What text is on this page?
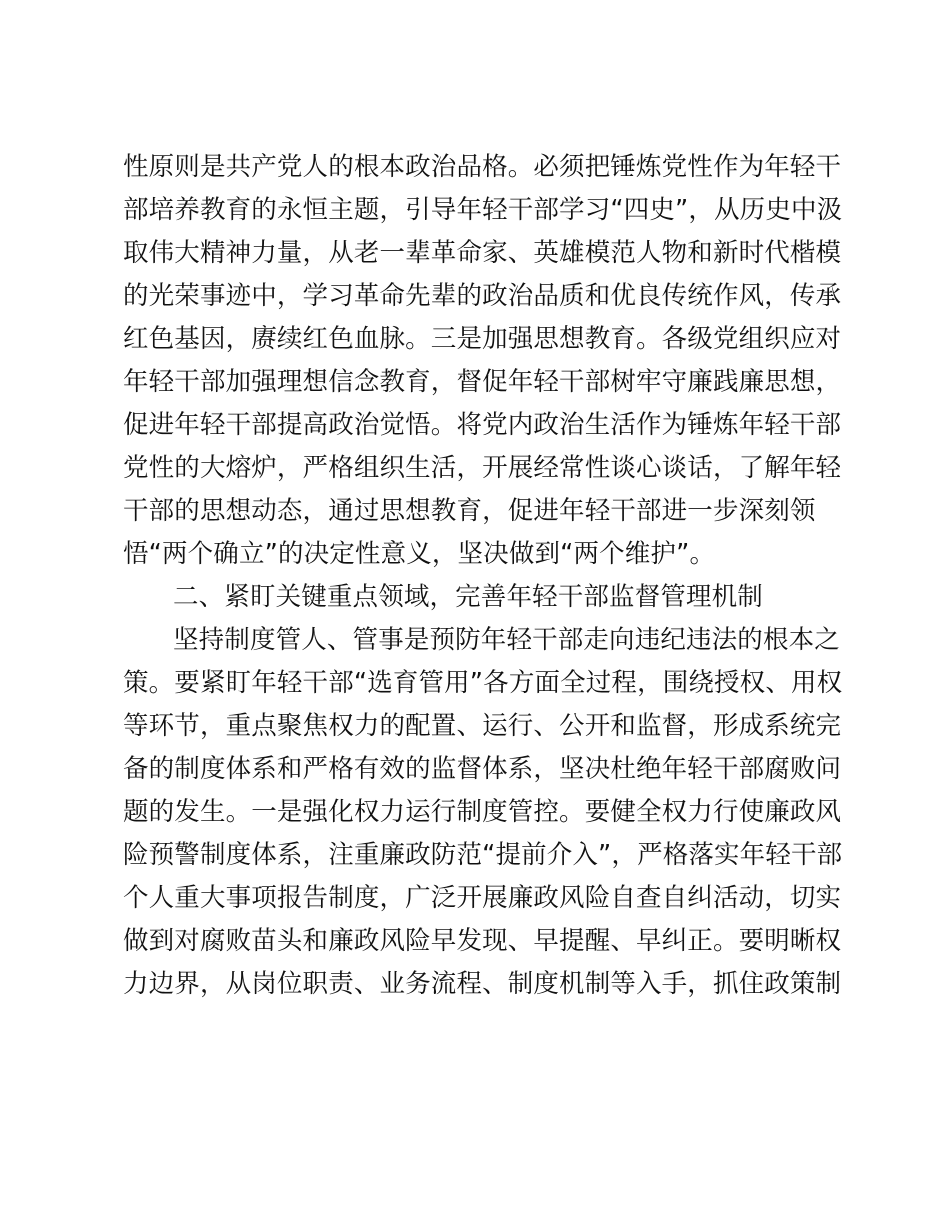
性原则是共产党人的根本政治品格。必须把锤炼党性作为年轻干
部培养教育的永恒主题，引导年轻干部学习“四史”，从历史中汲
取伟大精神力量，从老一辈革命家、英雄模范人物和新时代楷模
的光荣事迹中，学习革命先辈的政治品质和优良传统作风，传承
红色基因，赓续红色血脉。三是加强思想教育。各级党组织应对
年轻干部加强理想信念教育，督促年轻干部树牢守廉践廉思想，
促进年轻干部提高政治觉悟。将党内政治生活作为锤炼年轻干部
党性的大熔炉，严格组织生活，开展经常性谈心谈话，了解年轻
干部的思想动态，通过思想教育，促进年轻干部进一步深刻领
悟“两个确立”的决定性意义，坚决做到“两个维护”。
二、紧盯关键重点领域，完善年轻干部监督管理机制
坚持制度管人、管事是预防年轻干部走向违纪违法的根本之
策。要紧盯年轻干部“选育管用”各方面全过程，围绕授权、用权
等环节，重点聚焦权力的配置、运行、公开和监督，形成系统完
备的制度体系和严格有效的监督体系，坚决杜绝年轻干部腐败问
题的发生。一是强化权力运行制度管控。要健全权力行使廉政风
险预警制度体系，注重廉政防范“提前介入”，严格落实年轻干部
个人重大事项报告制度，广泛开展廉政风险自查自纠活动，切实
做到对腐败苗头和廉政风险早发现、早提醒、早纠正。要明晰权
力边界，从岗位职责、业务流程、制度机制等入手，抓住政策制
